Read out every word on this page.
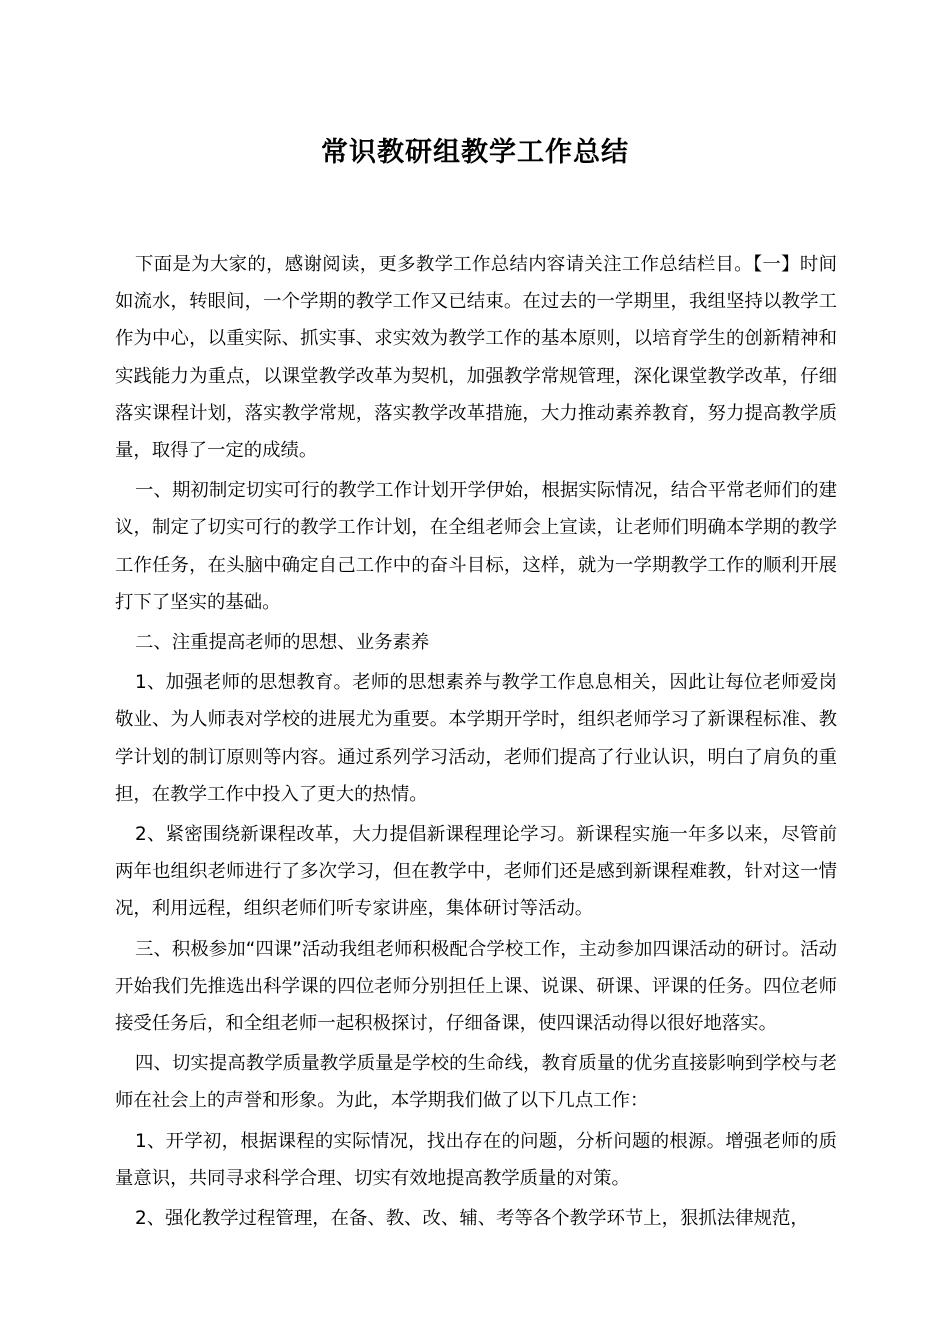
常识教研组教学工作总结

下面是为大家的，感谢阅读，更多教学工作总结内容请关注工作总结栏目。【一】时间如流水，转眼间，一个学期的教学工作又已结束。在过去的一学期里，我组坚持以教学工作为中心，以重实际、抓实事、求实效为教学工作的基本原则，以培育学生的创新精神和实践能力为重点，以课堂教学改革为契机，加强教学常规管理，深化课堂教学改革，仔细落实课程计划，落实教学常规，落实教学改革措施，大力推动素养教育，努力提高教学质量，取得了一定的成绩。

一、期初制定切实可行的教学工作计划开学伊始，根据实际情况，结合平常老师们的建议，制定了切实可行的教学工作计划，在全组老师会上宣读，让老师们明确本学期的教学工作任务，在头脑中确定自己工作中的奋斗目标，这样，就为一学期教学工作的顺利开展打下了坚实的基础。

二、注重提高老师的思想、业务素养

1、加强老师的思想教育。老师的思想素养与教学工作息息相关，因此让每位老师爱岗敬业、为人师表对学校的进展尤为重要。本学期开学时，组织老师学习了新课程标准、教学计划的制订原则等内容。通过系列学习活动，老师们提高了行业认识，明白了肩负的重担，在教学工作中投入了更大的热情。

2、紧密围绕新课程改革，大力提倡新课程理论学习。新课程实施一年多以来，尽管前两年也组织老师进行了多次学习，但在教学中，老师们还是感到新课程难教，针对这一情况，利用远程，组织老师们听专家讲座，集体研讨等活动。

三、积极参加“四课”活动我组老师积极配合学校工作，主动参加四课活动的研讨。活动开始我们先推选出科学课的四位老师分别担任上课、说课、研课、评课的任务。四位老师接受任务后，和全组老师一起积极探讨，仔细备课，使四课活动得以很好地落实。

四、切实提高教学质量教学质量是学校的生命线，教育质量的优劣直接影响到学校与老师在社会上的声誉和形象。为此，本学期我们做了以下几点工作：

1、开学初，根据课程的实际情况，找出存在的问题，分析问题的根源。增强老师的质量意识，共同寻求科学合理、切实有效地提高教学质量的对策。

2、强化教学过程管理，在备、教、改、辅、考等各个教学环节上，狠抓法律规范，
